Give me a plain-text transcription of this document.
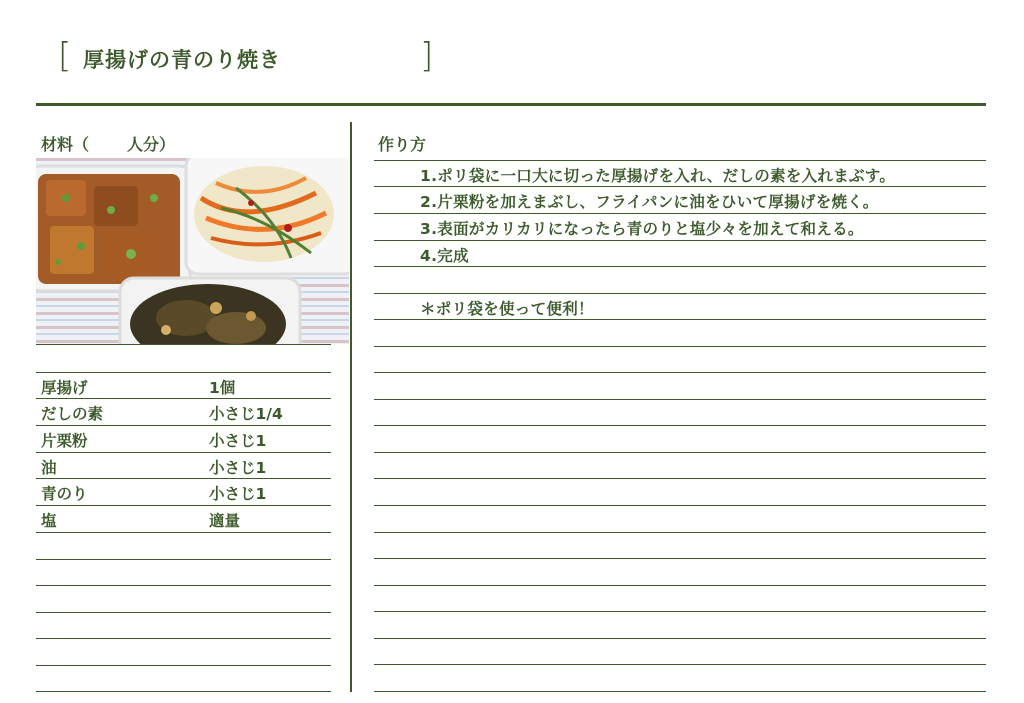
[ 厚揚げの青のり焼き	]
材料（ 人分）
厚揚げ	1個
だしの素	小さじ1/4
片栗粉	小さじ1
油	小さじ1
青のり	小さじ1
塩	適量
作り方
1.ポリ袋に一口大に切った厚揚げを入れ、だしの素を入れまぶす。
2.片栗粉を加えまぶし、フライパンに油をひいて厚揚げを焼く。
3.表面がカリカリになったら青のりと塩少々を加えて和える。
4.完成
＊ポリ袋を使って便利！
